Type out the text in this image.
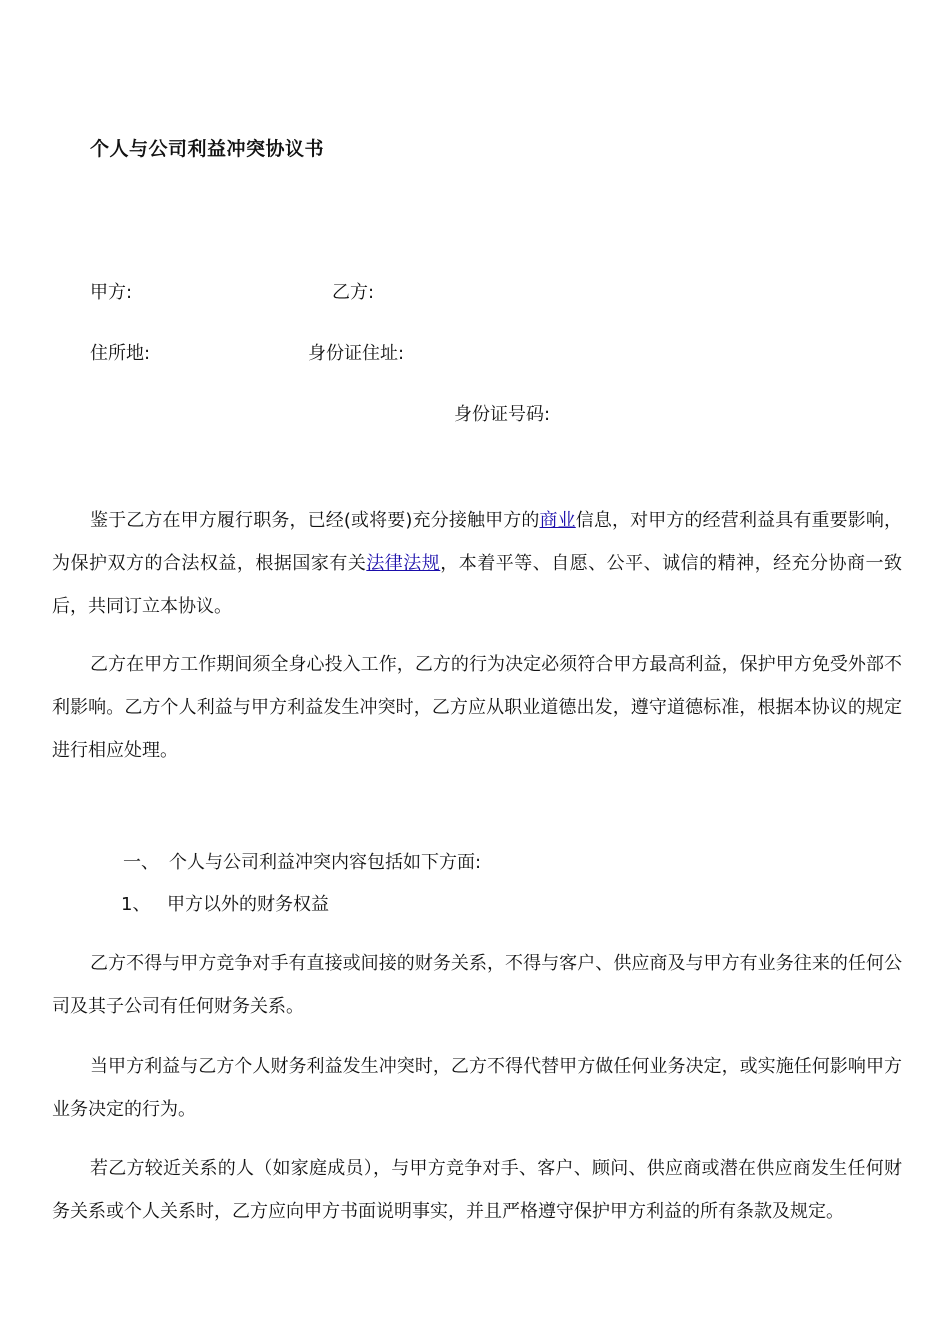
个人与公司利益冲突协议书
甲方:	乙方:
住所地:	身份证住址:
身份证号码:

鉴于乙方在甲方履行职务，已经(或将要)充分接触甲方的商业信息，对甲方的经营利益具有重要影响，为保护双方的合法权益，根据国家有关法律法规，本着平等、自愿、公平、诚信的精神，经充分协商一致后，共同订立本协议。

乙方在甲方工作期间须全身心投入工作，乙方的行为决定必须符合甲方最高利益，保护甲方免受外部不利影响。乙方个人利益与甲方利益发生冲突时，乙方应从职业道德出发，遵守道德标准，根据本协议的规定进行相应处理。

一、 个人与公司利益冲突内容包括如下方面:
1、 甲方以外的财务权益

乙方不得与甲方竞争对手有直接或间接的财务关系，不得与客户、供应商及与甲方有业务往来的任何公司及其子公司有任何财务关系。

当甲方利益与乙方个人财务利益发生冲突时，乙方不得代替甲方做任何业务决定，或实施任何影响甲方业务决定的行为。

若乙方较近关系的人（如家庭成员），与甲方竞争对手、客户、顾问、供应商或潜在供应商发生任何财务关系或个人关系时，乙方应向甲方书面说明事实，并且严格遵守保护甲方利益的所有条款及规定。
